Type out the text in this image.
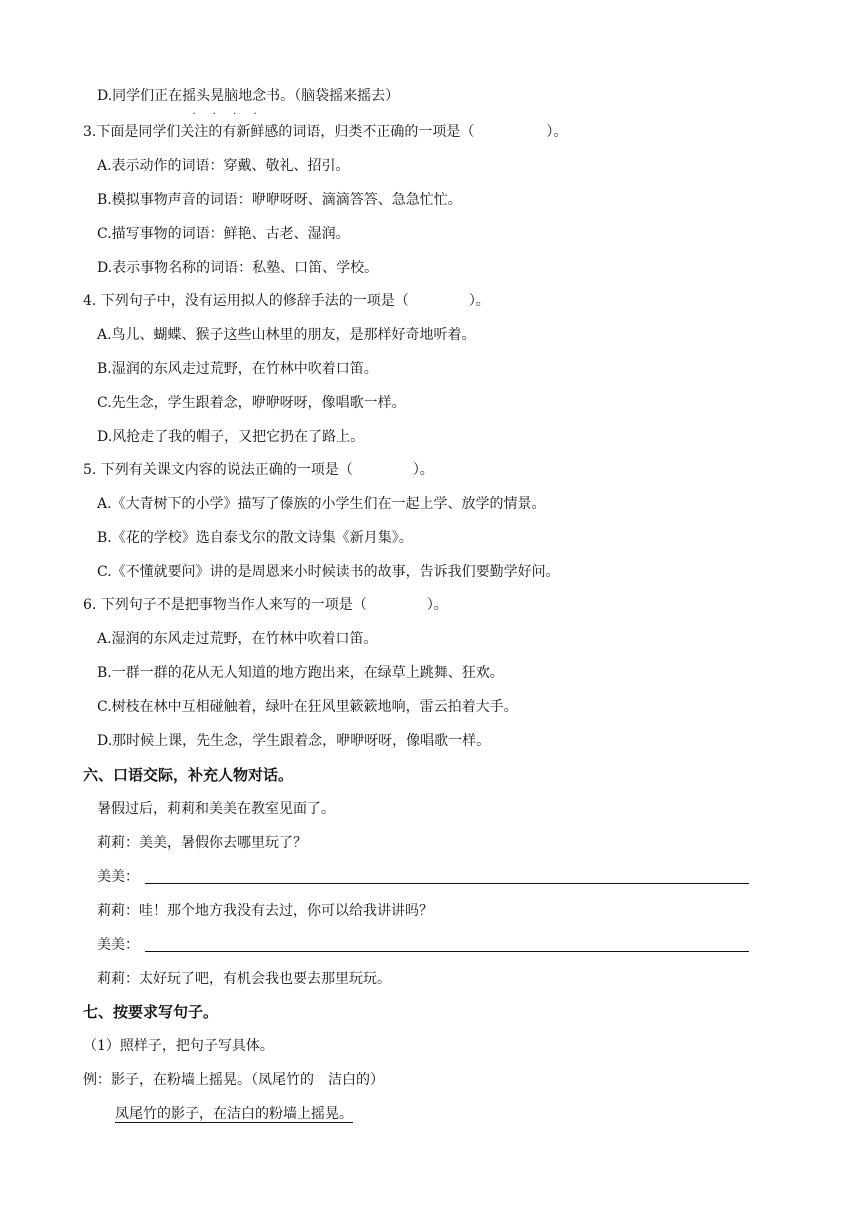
D.同学们正在摇头晃脑
· · · ·
地念书。（脑袋摇来摇去）
3.下面是同学们关注的有新鲜感的词语，归类不正确的一项是（	）。
A.表示动作的词语：穿戴、敬礼、招引。
B.模拟事物声音的词语：咿咿呀呀、滴滴答答、急急忙忙。
C.描写事物的词语：鲜艳、古老、湿润。
D.表示事物名称的词语：私塾、口笛、学校。
4. 下列句子中，没有运用拟人的修辞手法的一项是（	）。
A.鸟儿、蝴蝶、猴子这些山林里的朋友，是那样好奇地听着。
B.湿润的东风走过荒野，在竹林中吹着口笛。
C.先生念，学生跟着念，咿咿呀呀，像唱歌一样。
D.风抢走了我的帽子，又把它扔在了路上。
5. 下列有关课文内容的说法正确的一项是（	）。
A.《大青树下的小学》描写了傣族的小学生们在一起上学、放学的情景。
B.《花的学校》选自泰戈尔的散文诗集《新月集》。
C.《不懂就要问》讲的是周恩来小时候读书的故事，告诉我们要勤学好问。
6. 下列句子不是把事物当作人来写的一项是（	）。
A.湿润的东风走过荒野，在竹林中吹着口笛。
B.一群一群的花从无人知道的地方跑出来，在绿草上跳舞、狂欢。
C.树枝在林中互相碰触着，绿叶在狂风里簌簌地响，雷云拍着大手。
D.那时候上课，先生念，学生跟着念，咿咿呀呀，像唱歌一样。
六、口语交际，补充人物对话。
暑假过后，莉莉和美美在教室见面了。
莉莉：美美，暑假你去哪里玩了？
美美：
莉莉：哇！那个地方我没有去过，你可以给我讲讲吗？
美美：
莉莉：太好玩了吧，有机会我也要去那里玩玩。
七、按要求写句子。
（1）照样子，把句子写具体。
例：影子，在粉墙上摇晃。（凤尾竹的　洁白的）
凤尾竹的影子，在洁白的粉墙上摇晃。
